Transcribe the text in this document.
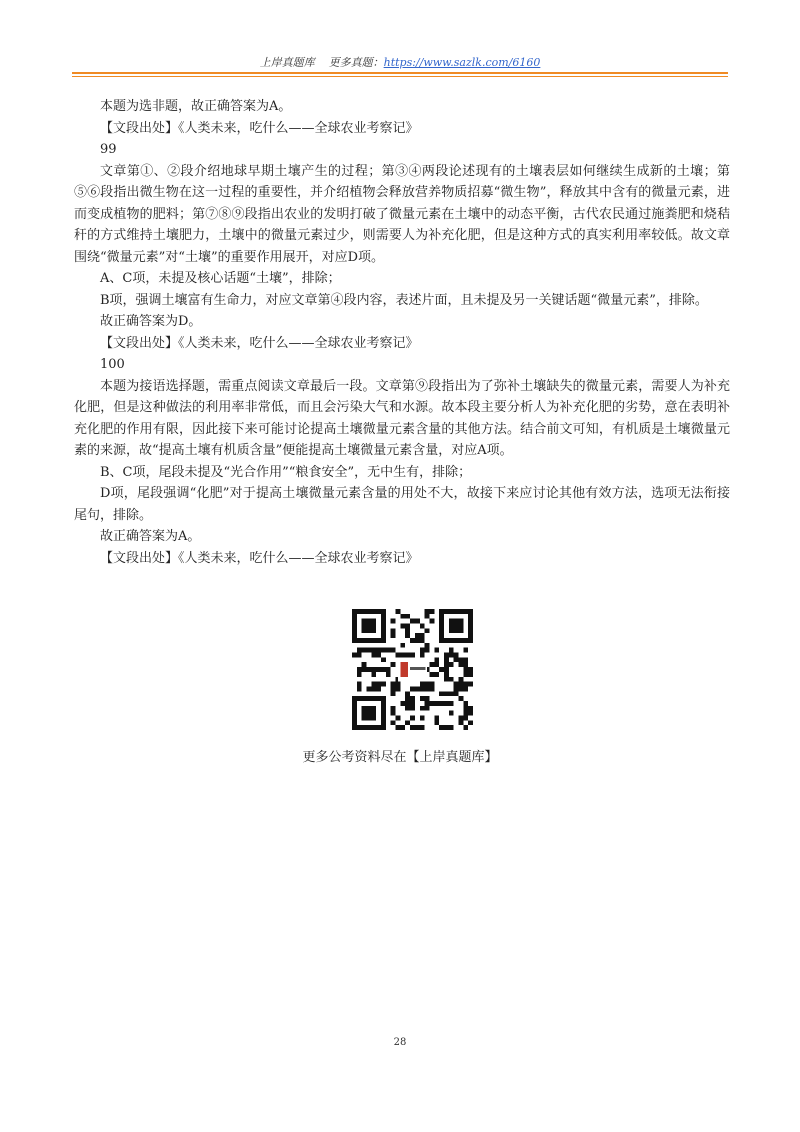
上岸真题库 更多真题：https://www.sazlk.com/6160

本题为选非题，故正确答案为A。

【文段出处】《人类未来，吃什么——全球农业考察记》

99

文章第①、②段介绍地球早期土壤产生的过程；第③④两段论述现有的土壤表层如何继续生成新的土壤；第⑤⑥段指出微生物在这一过程的重要性，并介绍植物会释放营养物质招募“微生物”，释放其中含有的微量元素，进而变成植物的肥料；第⑦⑧⑨段指出农业的发明打破了微量元素在土壤中的动态平衡，古代农民通过施粪肥和烧秸秆的方式维持土壤肥力，土壤中的微量元素过少，则需要人为补充化肥，但是这种方式的真实利用率较低。故文章围绕“微量元素”对“土壤”的重要作用展开，对应D项。

A、C项，未提及核心话题“土壤”，排除；

B项，强调土壤富有生命力，对应文章第④段内容，表述片面，且未提及另一关键话题“微量元素”，排除。

故正确答案为D。

【文段出处】《人类未来，吃什么——全球农业考察记》

100

本题为接语选择题，需重点阅读文章最后一段。文章第⑨段指出为了弥补土壤缺失的微量元素，需要人为补充化肥，但是这种做法的利用率非常低，而且会污染大气和水源。故本段主要分析人为补充化肥的劣势，意在表明补充化肥的作用有限，因此接下来可能讨论提高土壤微量元素含量的其他方法。结合前文可知，有机质是土壤微量元素的来源，故“提高土壤有机质含量”便能提高土壤微量元素含量，对应A项。

B、C项，尾段未提及“光合作用”“粮食安全”，无中生有，排除；

D项，尾段强调“化肥”对于提高土壤微量元素含量的用处不大，故接下来应讨论其他有效方法，选项无法衔接尾句，排除。

故正确答案为A。

【文段出处】《人类未来，吃什么——全球农业考察记》

更多公考资料尽在【上岸真题库】
28
